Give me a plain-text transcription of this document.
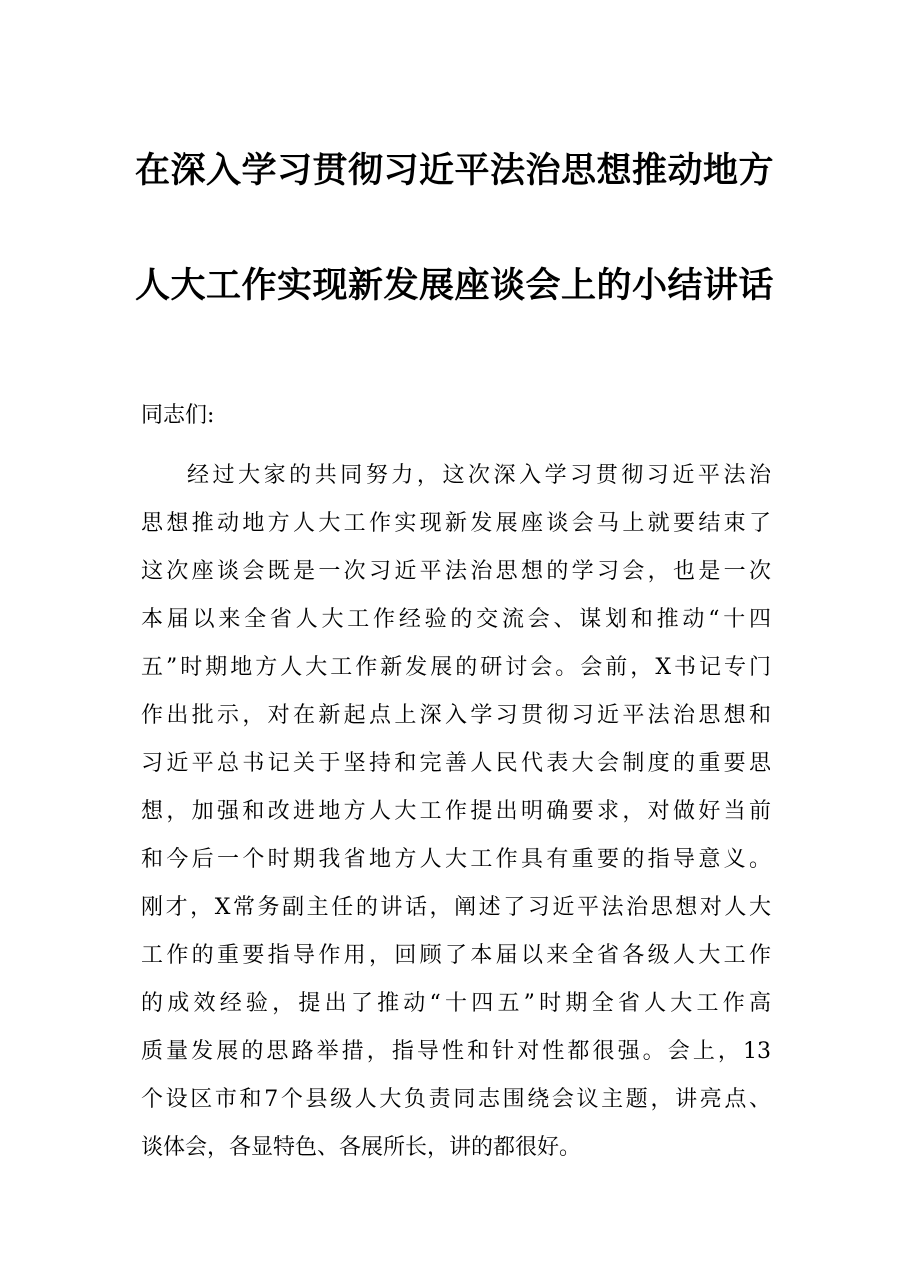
在深入学习贯彻习近平法治思想推动地方
人大工作实现新发展座谈会上的小结讲话
同志们:
经过大家的共同努力，这次深入学习贯彻习近平法治
思想推动地方人大工作实现新发展座谈会马上就要结束了
这次座谈会既是一次习近平法治思想的学习会，也是一次
本届以来全省人大工作经验的交流会、谋划和推动“十四
五”时期地方人大工作新发展的研讨会。会前，X书记专门
作出批示，对在新起点上深入学习贯彻习近平法治思想和
习近平总书记关于坚持和完善人民代表大会制度的重要思
想，加强和改进地方人大工作提出明确要求，对做好当前
和今后一个时期我省地方人大工作具有重要的指导意义。
刚才，X常务副主任的讲话，阐述了习近平法治思想对人大
工作的重要指导作用，回顾了本届以来全省各级人大工作
的成效经验，提出了推动“十四五”时期全省人大工作高
质量发展的思路举措，指导性和针对性都很强。会上，13
个设区市和7个县级人大负责同志围绕会议主题，讲亮点、
谈体会，各显特色、各展所长，讲的都很好。
